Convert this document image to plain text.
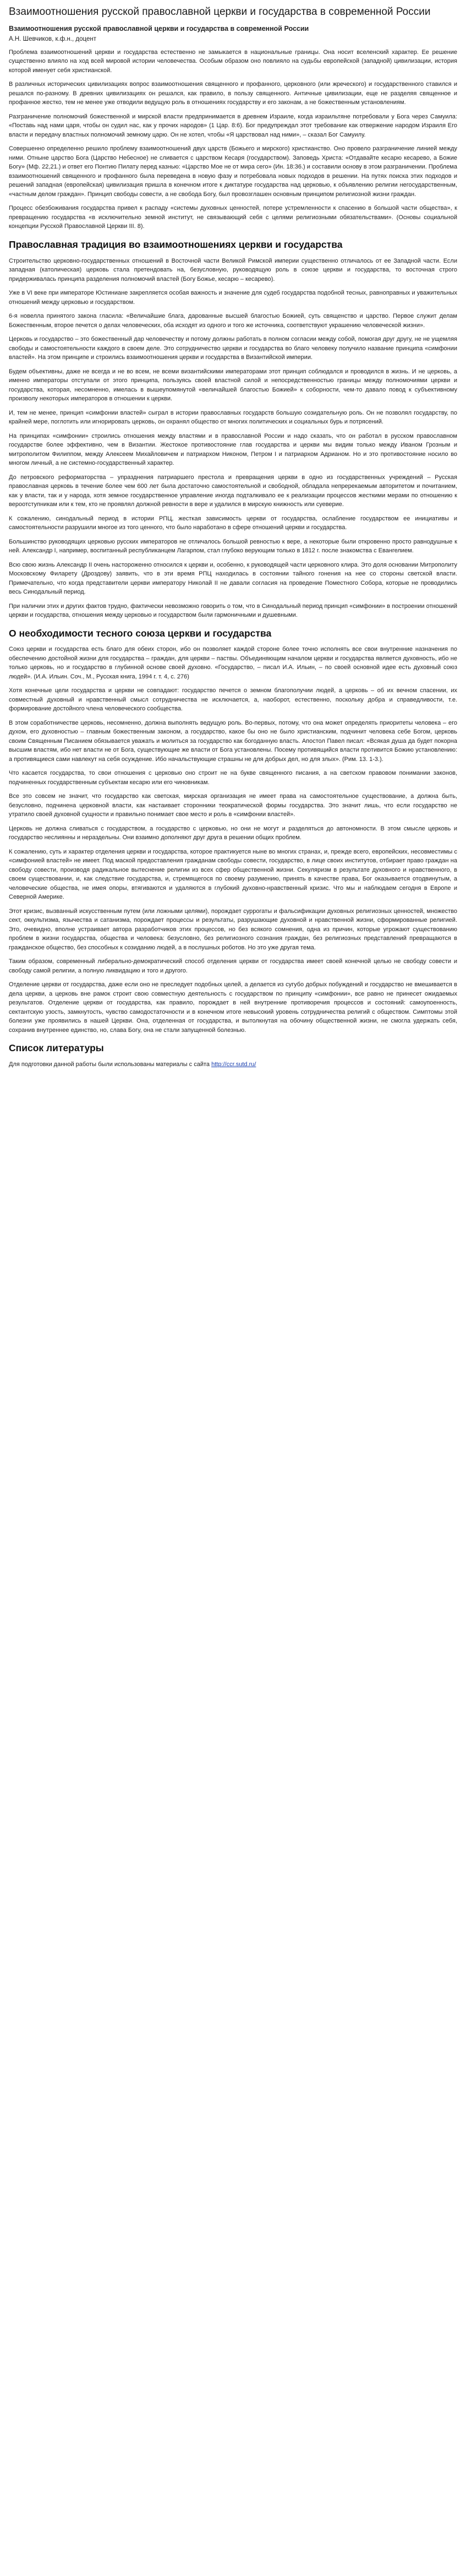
Взаимоотношения русской православной церкви и государства в современной России
Взаимоотношения русской православной церкви и государства в современной России
А.Н. Шевчиков, к.ф.н., доцент

Проблема взаимоотношений церкви и государства естественно не замыкается в национальные границы. Она носит вселенский характер. Ее решение существенно влияло на ход всей мировой истории человечества. Особым образом оно повлияло на судьбы европейской (западной) цивилизации, история которой именует себя христианской.

В различных исторических цивилизациях вопрос взаимоотношения священного и профанного, церковного (или жреческого) и государственного ставился и решался по-разному. В древних цивилизациях он решался, как правило, в пользу священного. Античные цивилизации, еще не разделяя священное и профанное жестко, тем не менее уже отводили ведущую роль в отношениях государству и его законам, а не божественным установлениям.

Разграничение полномочий божественной и мирской власти предпринимается в древнем Израиле, когда израильтяне потребовали у Бога через Самуила: «Поставь над нами царя, чтобы он судил нас, как у прочих народов» (1 Цар. 8:6). Бог предупреждал этот требование как отвержение народом Израиля Его власти и передачу властных полномочий земному царю. Он не хотел, чтобы «Я царствовал над ними», – сказал Бог Самуилу.

Совершенно определенно решило проблему взаимоотношений двух царств (Божьего и мирского) христианство. Оно провело разграничение линией между ними. Отныне царство Бога (Царство Небесное) не сливается с царством Кесаря (государством). Заповедь Христа: «Отдавайте кесарю кесарево, а Божие Богу» (Мф. 22,21.) и ответ его Понтию Пилату перед казнью: «Царство Мое не от мира сего» (Ин. 18:36.) и составили основу в этом разграничении. Проблема взаимоотношений священного и профанного была переведена в новую фазу и потребовала новых подходов в решении. На путях поиска этих подходов и решений западная (европейская) цивилизация пришла в конечном итоге к диктатуре государства над церковью, к объявлению религии негосударственным, «частным делом граждан». Принцип свободы совести, а не свобода Богу, был провозглашен основным принципом религиозной жизни граждан.

Процесс обезбоживания государства привел к распаду «системы духовных ценностей, потере устремленности к спасению в большой части общества», к превращению государства «в исключительно земной институт, не связывающий себя с целями религиозными обязательствами». (Основы социальной концепции Русской Православной Церкви III. 8).

Православная традиция во взаимоотношениях церкви и государства

Строительство церковно-государственных отношений в Восточной части Великой Римской империи существенно отличалось от ее Западной части. Если западная (католическая) церковь стала претендовать на, безусловную, руководящую роль в союзе церкви и государства, то восточная строго придерживалась принципа разделения полномочий властей (Богу Божье, кесарю – кесарево).

Уже в VI веке при императоре Юстиниане закрепляется особая важность и значение для судеб государства подобной тесных, равноправных и уважительных отношений между церковью и государством.

6-я новелла принятого закона гласила: «Величайшие блага, дарованные высшей благостью Божией, суть священство и царство. Первое служит делам Божественным, второе печется о делах человеческих, оба исходят из одного и того же источника, соответствуют украшению человеческой жизни».

Церковь и государство – это божественный дар человечеству и потому должны работать в полном согласии между собой, помогая друг другу, не не ущемляя свободы и самостоятельности каждого в своем деле. Это сотрудничество церкви и государства во благо человеку получило название принципа «симфонии властей». На этом принципе и строились взаимоотношения церкви и государства в Византийской империи.

Будем объективны, даже не всегда и не во всем, не всеми византийскими императорами этот принцип соблюдался и проводился в жизнь. И не церковь, а именно императоры отступали от этого принципа, пользуясь своей властной силой и непосредственностью границы между полномочиями церкви и государства, которая, несомненно, имелась в вышеупомянутой «величайшей благостью Божией» к соборности, чем-то давало повод к субъективному произволу некоторых императоров в отношении к церкви.

И, тем не менее, принцип «симфонии властей» сыграл в истории православных государств большую созидательную роль. Он не позволял государству, по крайней мере, поглотить или игнорировать церковь, он охранял общество от многих политических и социальных бурь и потрясений.

На принципах «симфонии» строились отношения между властями и в православной России и надо сказать, что он работал в русском православном государстве более эффективно, чем в Византии. Жестокое противостояние глав государства и церкви мы видим только между Иваном Грозным и митрополитом Филиппом, между Алексеем Михайловичем и патриархом Никоном, Петром I и патриархом Адрианом. Но и это противостояние носило во многом личный, а не системно-государственный характер.

До петровского реформаторства – упразднения патриаршего престола и превращения церкви в одно из государственных учреждений – Русская православная церковь в течение более чем 600 лет была достаточно самостоятельной и свободной, обладала непререкаемым авторитетом и почитанием, как у власти, так и у народа, хотя земное государственное управление иногда подталкивало ее к реализации процессов жесткими мерами по отношению к вероотступникам или к тем, кто не проявлял должной ревности в вере и удалился в мирскую книжность или суеверие.

К сожалению, синодальный период в истории РПЦ, жесткая зависимость церкви от государства, ослабление государством ее инициативы и самостоятельности разрушили многое из того ценного, что было наработано в сфере отношений церкви и государства.

Большинство руководящих церковью русских императоров не отличалось большой ревностью к вере, а некоторые были откровенно просто равнодушные к ней. Александр I, например, воспитанный республиканцем Лагарпом, стал глубоко верующим только в 1812 г. после знакомства с Евангелием.

Всю свою жизнь Александр II очень настороженно относился к церкви и, особенно, к руководящей части церковного клира. Это доля основании Митрополиту Московскому Филарету (Дроздову) заявить, что в эти время РПЦ находилась в состоянии тайного гонения на нее со стороны светской власти. Примечательно, что когда представители церкви императору Николай II не давали согласия на проведение Поместного Собора, которые не проводились весь Синодальный период.

При наличии этих и других фактов трудно, фактически невозможно говорить о том, что в Синодальный период принцип «симфонии» в построении отношений церкви и государства, отношения между церковью и государством были гармоничными и душевными.

О необходимости тесного союза церкви и государства

Союз церкви и государства есть благо для обеих сторон, ибо он позволяет каждой стороне более точно исполнять все свои внутренние назначения по обеспечению достойной жизни для государства – граждан, для церкви – паствы. Объединяющим началом церкви и государства является духовность, ибо не только церковь, но и государство в глубинной основе своей духовно. «Государство, – писал И.А. Ильин, – по своей основной идее есть духовный союз людей». (И.А. Ильин. Соч., М., Русская книга, 1994 г. т. 4, с. 276)

Хотя конечные цели государства и церкви не совпадают: государство печется о земном благополучии людей, а церковь – об их вечном спасении, их совместный духовный и нравственный смысл сотрудничества не исключается, а, наоборот, естественно, поскольку добра и справедливости, т.е. формирование достойного члена человеческого сообщества.

В этом соработничестве церковь, несомненно, должна выполнять ведущую роль. Во-первых, потому, что она может определять приоритеты человека – его духом, его духовностью – главным божественным законом, а государство, какое бы оно не было христианским, подчинит человека себе Богом, церковь своим Священным Писанием обязывается уважать и молиться за государство как богоданную власть. Апостол Павел писал: «Всякая душа да будет покорна высшим властям, ибо нет власти не от Бога, существующие же власти от Бога установлены. Посему противящийся власти противится Божию установлению: а противящиеся сами навлекут на себя осуждение. Ибо начальствующие страшны не для добрых дел, но для злых». (Рим. 13. 1-3.).

Что касается государства, то свои отношения с церковью оно строит не на букве священного писания, а на светском правовом понимании законов, подчиненных государственным субъектам кесарю или его чиновникам.

Все это совсем не значит, что государство как светская, мирская организация не имеет права на самостоятельное существование, а должна быть, безусловно, подчинена церковной власти, как настаивает сторонники теократической формы государства. Это значит лишь, что если государство не утратило своей духовной сущности и правильно понимает свое место и роль в «симфонии властей».

Церковь не должна сливаться с государством, а государство с церковью, но они не могут и разделяться до автономности. В этом смысле церковь и государство неслиянны и нераздельны. Они взаимно дополняют друг друга в решении общих проблем.

К сожалению, суть и характер отделения церкви и государства, которое практикуется ныне во многих странах, и, прежде всего, европейских, несовместимы с «симфонией властей» не имеет. Под маской предоставления гражданам свободы совести, государство, в лице своих институтов, отбирает право граждан на свободу совести, производя радикальное вытеснение религии из всех сфер общественной жизни. Секуляризм в результате духовного и нравственного, в своем существовании, и, как следствие государства, и, стремящегося по своему разумению, принять в качестве права, Бог оказывается отодвинутым, а человеческие общества, не имея опоры, втягиваются и удаляются в глубокий духовно-нравственный кризис. Что мы и наблюдаем сегодня в Европе и Северной Америке.

Этот кризис, вызванный искусственным путем (или ложными целями), порождает суррогаты и фальсификации духовных религиозных ценностей, множество сект, оккультизма, язычества и сатанизма, порождает процессы и результаты, разрушающие духовной и нравственной жизни, сформированные религией. Это, очевидно, вполне устраивает автора разработчиков этих процессов, но без всякого сомнения, одна из причин, которые угрожают существованию проблем в жизни государства, общества и человека: безусловно, без религиозного сознания граждан, без религиозных представлений превращаются в гражданское общество, без способных к созиданию людей, а в послушных роботов. Но это уже другая тема.

Таким образом, современный либерально-демократический способ отделения церкви от государства имеет своей конечной целью не свободу совести и свободу самой религии, а полную ликвидацию и того и другого.

Отделение церкви от государства, даже если оно не преследует подобных целей, а делается из сугубо добрых побуждений и государство не вмешивается в дела церкви, а церковь вне рамок строит свою совместную деятельность с государством по принципу «симфонии», все равно не принесет ожидаемых результатов. Отделение церкви от государства, как правило, порождает в ней внутренние противоречия процессов и состояний: самоупоенность, сектантскую узость, замкнутость, чувство самодостаточности и в конечном итоге невысокий уровень сотрудничества религий с обществом. Симптомы этой болезни уже проявились в нашей Церкви. Она, отделенная от государства, и вытолкнутая на обочину общественной жизни, не смогла удержать себя, сохранив внутреннее единство, но, слава Богу, она не стали запущенной болезнью.

Список литературы

Для подготовки данной работы были использованы материалы с сайта http://ccr.sutd.ru/
